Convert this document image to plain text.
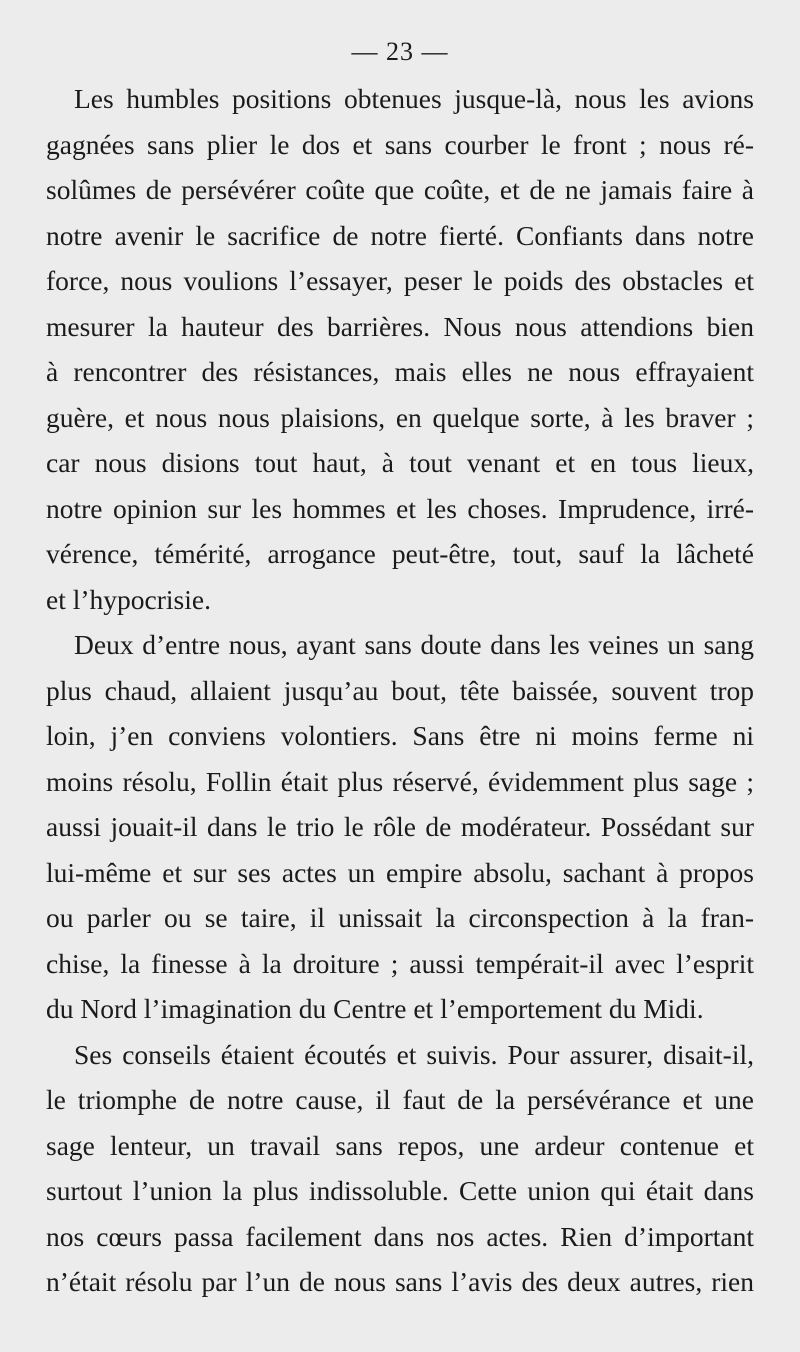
— 23 —
Les humbles positions obtenues jusque-là, nous les avions
gagnées sans plier le dos et sans courber le front ; nous ré-
solûmes de persévérer coûte que coûte, et de ne jamais faire à
notre avenir le sacrifice de notre fierté. Confiants dans notre
force, nous voulions l’essayer, peser le poids des obstacles et
mesurer la hauteur des barrières. Nous nous attendions bien
à rencontrer des résistances, mais elles ne nous effrayaient
guère, et nous nous plaisions, en quelque sorte, à les braver ;
car nous disions tout haut, à tout venant et en tous lieux,
notre opinion sur les hommes et les choses. Imprudence, irré-
vérence, témérité, arrogance peut-être, tout, sauf la lâcheté
et l’hypocrisie.
Deux d’entre nous, ayant sans doute dans les veines un sang
plus chaud, allaient jusqu’au bout, tête baissée, souvent trop
loin, j’en conviens volontiers. Sans être ni moins ferme ni
moins résolu, Follin était plus réservé, évidemment plus sage ;
aussi jouait-il dans le trio le rôle de modérateur. Possédant sur
lui-même et sur ses actes un empire absolu, sachant à propos
ou parler ou se taire, il unissait la circonspection à la fran-
chise, la finesse à la droiture ; aussi tempérait-il avec l’esprit
du Nord l’imagination du Centre et l’emportement du Midi.
Ses conseils étaient écoutés et suivis. Pour assurer, disait-il,
le triomphe de notre cause, il faut de la persévérance et une
sage lenteur, un travail sans repos, une ardeur contenue et
surtout l’union la plus indissoluble. Cette union qui était dans
nos cœurs passa facilement dans nos actes. Rien d’important
n’était résolu par l’un de nous sans l’avis des deux autres, rien
